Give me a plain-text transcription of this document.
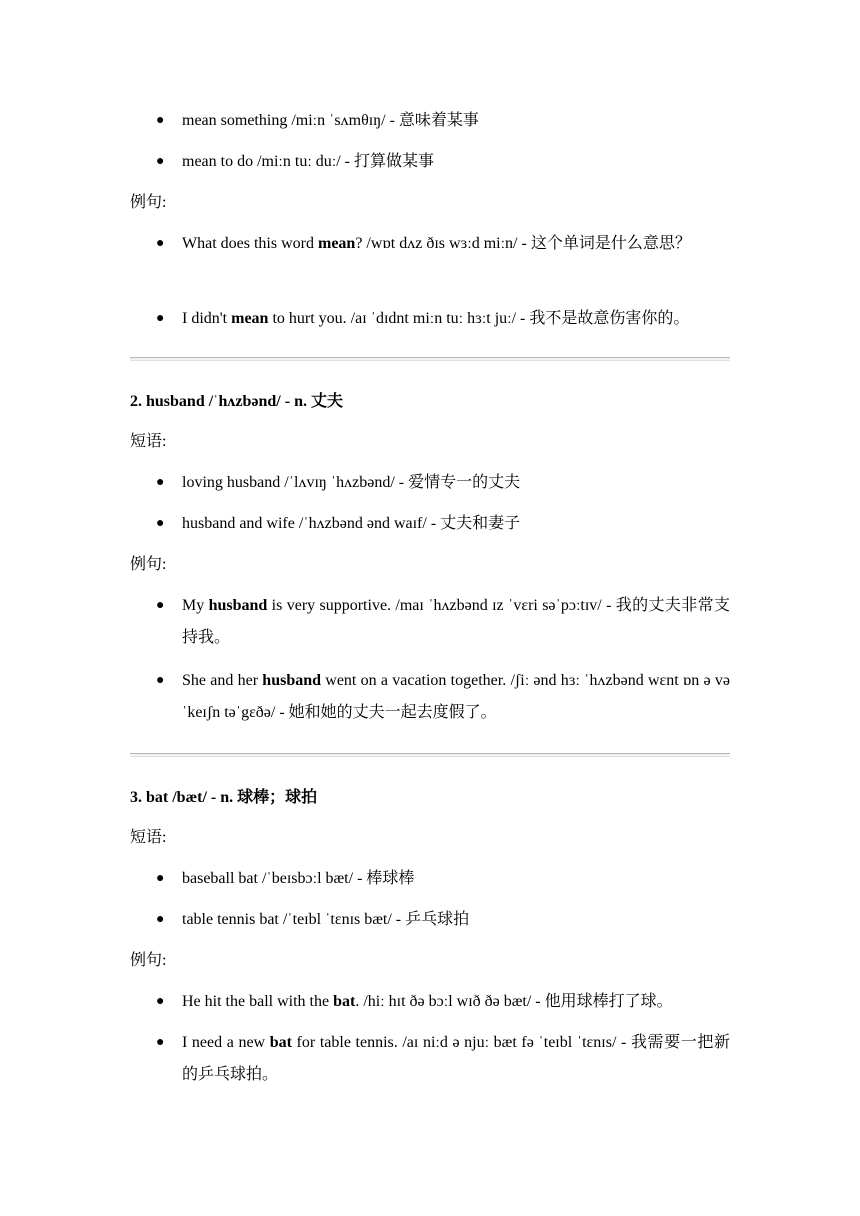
● mean something /miːn ˈsʌmθɪŋ/ - 意味着某事
● mean to do /miːn tuː duː/ - 打算做某事
例句:
● What does this word mean? /wɒt dʌz ðɪs wɜːd miːn/ - 这个单词是什么意思？
● I didn't mean to hurt you. /aɪ ˈdɪdnt miːn tuː hɜːt juː/ - 我不是故意伤害你的。
2. husband /ˈhʌzbənd/ - n. 丈夫
短语:
● loving husband /ˈlʌvɪŋ ˈhʌzbənd/ - 爱情专一的丈夫
● husband and wife /ˈhʌzbənd ənd waɪf/ - 丈夫和妻子
例句:
● My husband is very supportive. /maɪ ˈhʌzbənd ɪz ˈvɛri səˈpɔːtɪv/ - 我的丈夫非常支持我。
● She and her husband went on a vacation together. /ʃiː ənd hɜː ˈhʌzbənd wɛnt ɒn ə vəˈkeɪʃn təˈgɛðə/ - 她和她的丈夫一起去度假了。
3. bat /bæt/ - n. 球棒；球拍
短语:
● baseball bat /ˈbeɪsbɔːl bæt/ - 棒球棒
● table tennis bat /ˈteɪbl ˈtɛnɪs bæt/ - 乒乓球拍
例句:
● He hit the ball with the bat. /hiː hɪt ðə bɔːl wɪð ðə bæt/ - 他用球棒打了球。
● I need a new bat for table tennis. /aɪ niːd ə njuː bæt fə ˈteɪbl ˈtɛnɪs/ - 我需要一把新的乒乓球拍。
